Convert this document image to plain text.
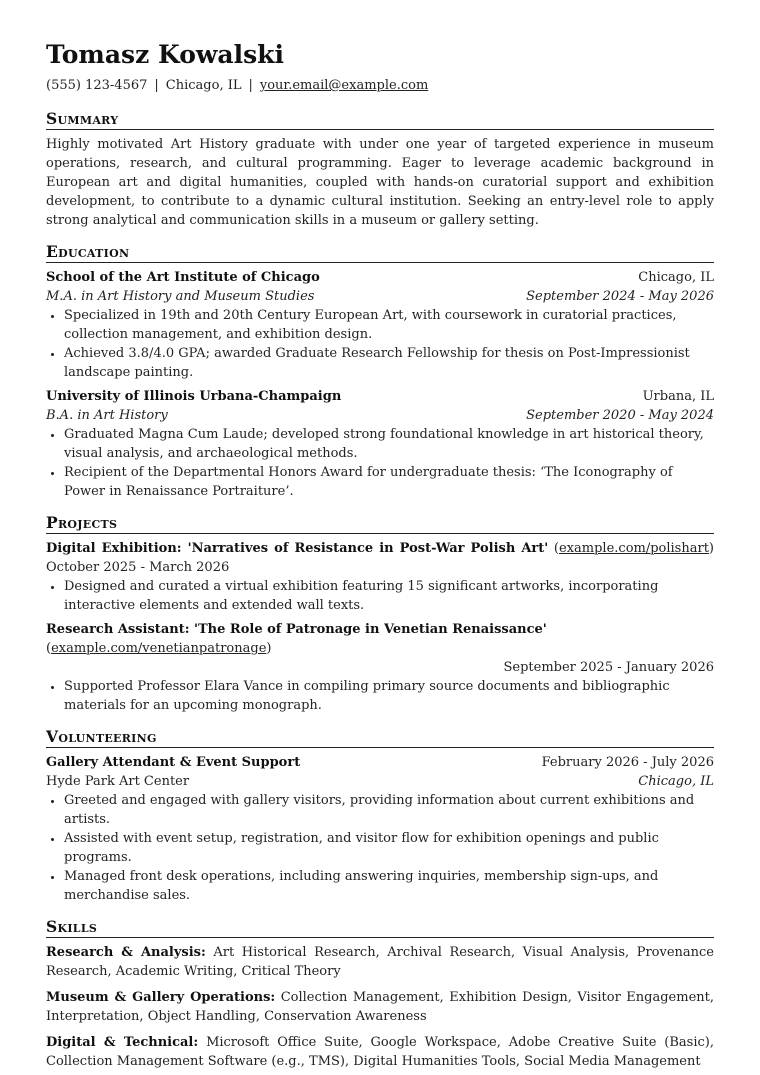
Tomasz Kowalski
(555) 123-4567 | Chicago, IL | your.email@example.com
Summary
Highly motivated Art History graduate with under one year of targeted experience in museum operations, research, and cultural programming. Eager to leverage academic background in European art and digital humanities, coupled with hands-on curatorial support and exhibition development, to contribute to a dynamic cultural institution. Seeking an entry-level role to apply strong analytical and communication skills in a museum or gallery setting.
Education
School of the Art Institute of Chicago	Chicago, IL
M.A. in Art History and Museum Studies	September 2024 - May 2026
• Specialized in 19th and 20th Century European Art, with coursework in curatorial practices, collection management, and exhibition design.
• Achieved 3.8/4.0 GPA; awarded Graduate Research Fellowship for thesis on Post-Impressionist landscape painting.
University of Illinois Urbana-Champaign	Urbana, IL
B.A. in Art History	September 2020 - May 2024
• Graduated Magna Cum Laude; developed strong foundational knowledge in art historical theory, visual analysis, and archaeological methods.
• Recipient of the Departmental Honors Award for undergraduate thesis: ‘The Iconography of Power in Renaissance Portraiture’.
Projects
Digital Exhibition: 'Narratives of Resistance in Post-War Polish Art' (example.com/polishart) October 2025 - March 2026
• Designed and curated a virtual exhibition featuring 15 significant artworks, incorporating interactive elements and extended wall texts.
Research Assistant: 'The Role of Patronage in Venetian Renaissance' (example.com/venetianpatronage)
September 2025 - January 2026
• Supported Professor Elara Vance in compiling primary source documents and bibliographic materials for an upcoming monograph.
Volunteering
Gallery Attendant & Event Support	February 2026 - July 2026
Hyde Park Art Center	Chicago, IL
• Greeted and engaged with gallery visitors, providing information about current exhibitions and artists.
• Assisted with event setup, registration, and visitor flow for exhibition openings and public programs.
• Managed front desk operations, including answering inquiries, membership sign-ups, and merchandise sales.
Skills
Research & Analysis: Art Historical Research, Archival Research, Visual Analysis, Provenance Research, Academic Writing, Critical Theory
Museum & Gallery Operations: Collection Management, Exhibition Design, Visitor Engagement, Interpretation, Object Handling, Conservation Awareness
Digital & Technical: Microsoft Office Suite, Google Workspace, Adobe Creative Suite (Basic), Collection Management Software (e.g., TMS), Digital Humanities Tools, Social Media Management
